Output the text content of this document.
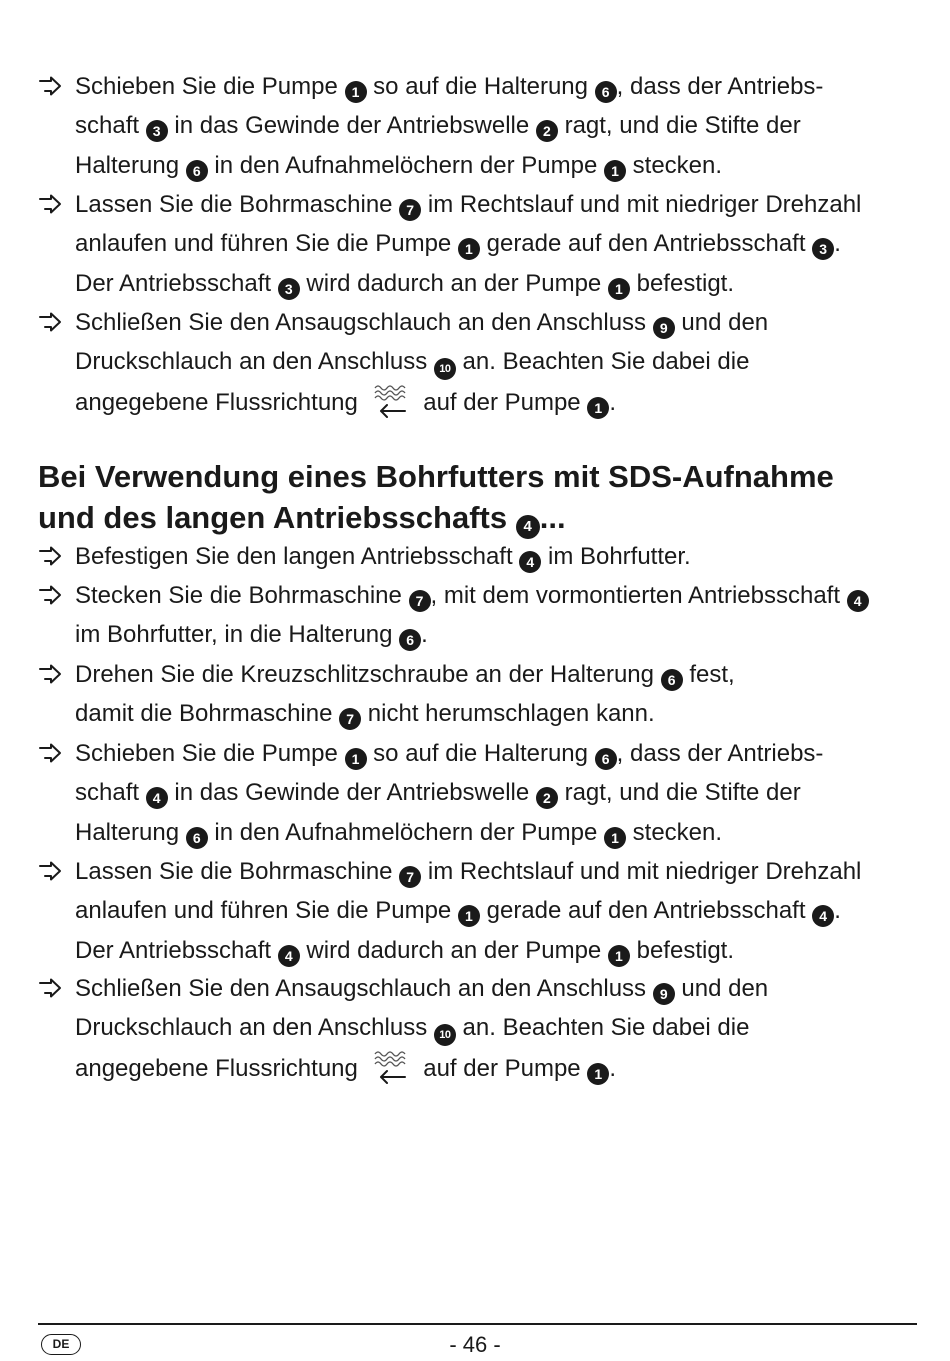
Schieben Sie die Pumpe 1 so auf die Halterung 6 , dass der Antriebs-
schaft 3 in das Gewinde der Antriebswelle 2 ragt, und die Stifte der
Halterung 6 in den Aufnahmelöchern der Pumpe 1 stecken.
Lassen Sie die Bohrmaschine 7 im Rechtslauf und mit niedriger Drehzahl
anlaufen und führen Sie die Pumpe 1 gerade auf den Antriebsschaft 3 .
Der Antriebsschaft 3 wird dadurch an der Pumpe 1 befestigt.
Schließen Sie den Ansaugschlauch an den Anschluss 9 und den
Druckschlauch an den Anschluss 10 an. Beachten Sie dabei die
angegebene Flussrichtung  auf der Pumpe 1 .
Bei Verwendung eines Bohrfutters mit SDS-Aufnahme
und des langen Antriebsschafts 4 ...
Befestigen Sie den langen Antriebsschaft 4 im Bohrfutter.
Stecken Sie die Bohrmaschine 7 , mit dem vormontierten Antriebsschaft 4
im Bohrfutter, in die Halterung 6 .
Drehen Sie die Kreuzschlitzschraube an der Halterung 6 fest,
damit die Bohrmaschine 7 nicht herumschlagen kann.
Schieben Sie die Pumpe 1 so auf die Halterung 6 , dass der Antriebs-
schaft 4 in das Gewinde der Antriebswelle 2 ragt, und die Stifte der
Halterung 6 in den Aufnahmelöchern der Pumpe 1 stecken.
Lassen Sie die Bohrmaschine 7 im Rechtslauf und mit niedriger Drehzahl
anlaufen und führen Sie die Pumpe 1 gerade auf den Antriebsschaft 4 .
Der Antriebsschaft 4 wird dadurch an der Pumpe 1 befestigt.
Schließen Sie den Ansaugschlauch an den Anschluss 9 und den
Druckschlauch an den Anschluss 10 an. Beachten Sie dabei die
angegebene Flussrichtung  auf der Pumpe 1 .
DE	- 46 -
